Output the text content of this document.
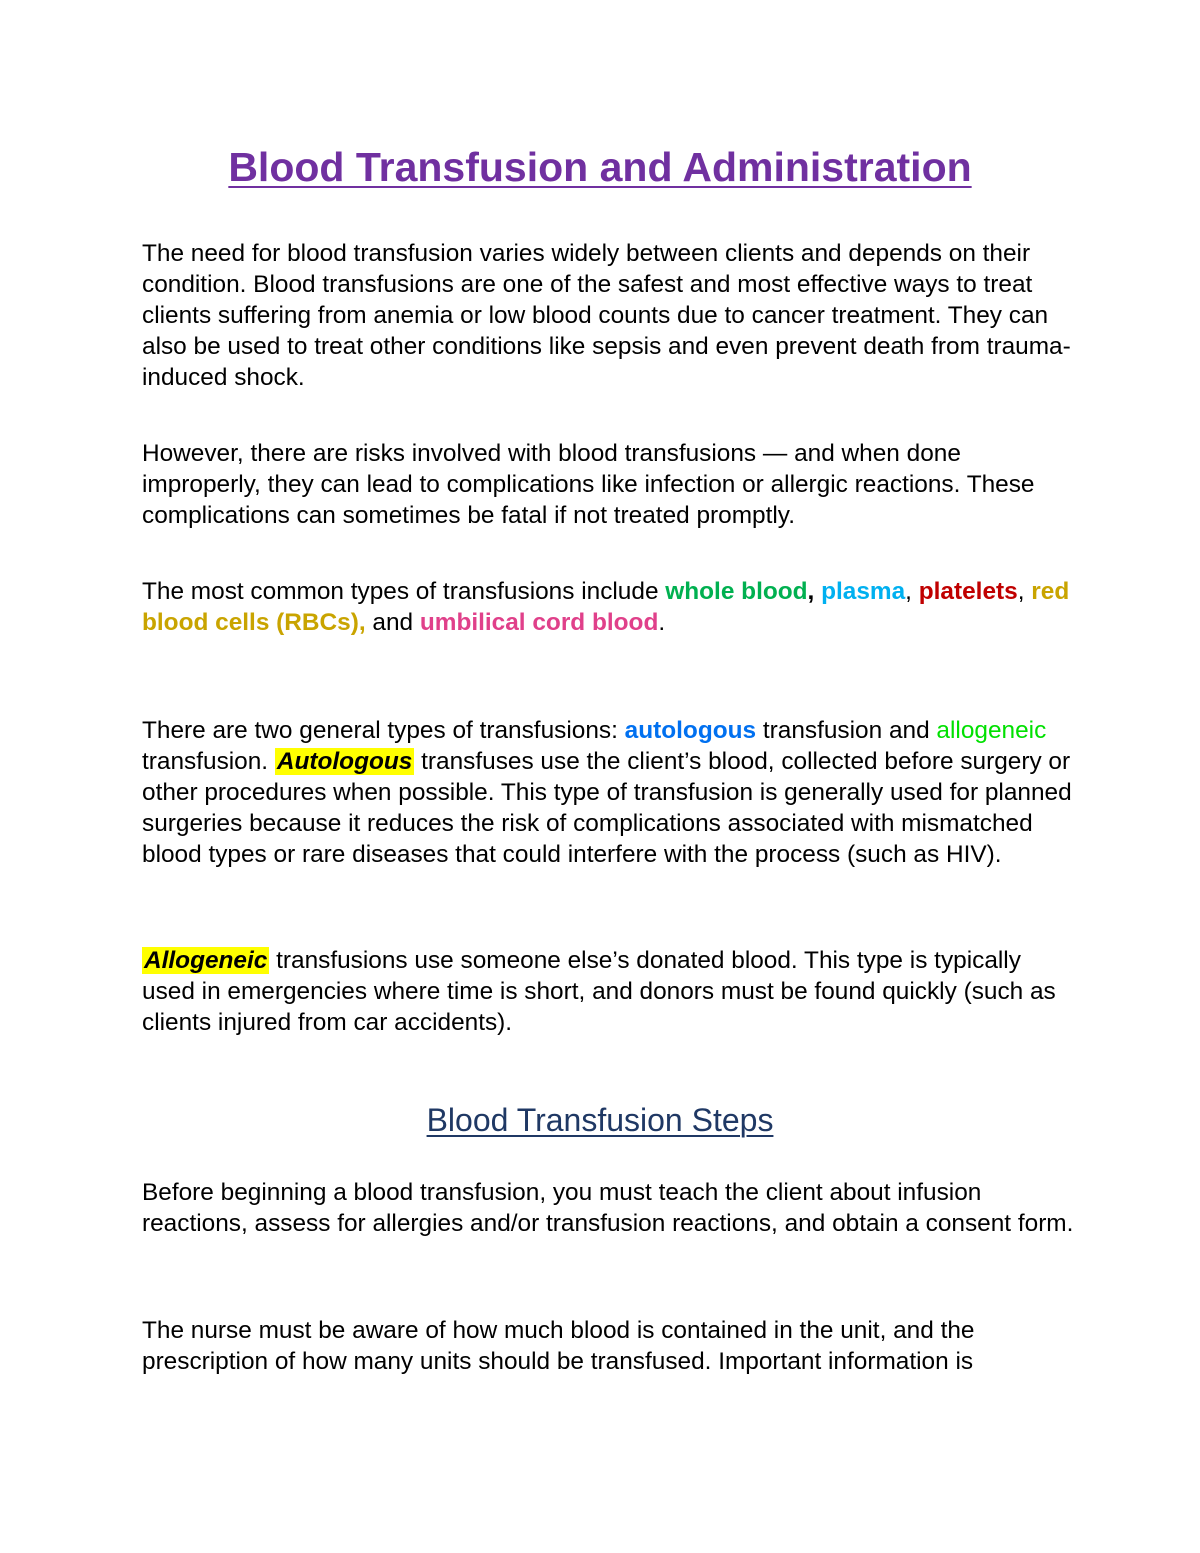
Blood Transfusion and Administration

The need for blood transfusion varies widely between clients and depends on their condition. Blood transfusions are one of the safest and most effective ways to treat clients suffering from anemia or low blood counts due to cancer treatment. They can also be used to treat other conditions like sepsis and even prevent death from trauma-induced shock.

However, there are risks involved with blood transfusions — and when done improperly, they can lead to complications like infection or allergic reactions. These complications can sometimes be fatal if not treated promptly.

The most common types of transfusions include whole blood, plasma, platelets, red blood cells (RBCs), and umbilical cord blood.

There are two general types of transfusions: autologous transfusion and allogeneic transfusion. Autologous transfuses use the client’s blood, collected before surgery or other procedures when possible. This type of transfusion is generally used for planned surgeries because it reduces the risk of complications associated with mismatched blood types or rare diseases that could interfere with the process (such as HIV).

Allogeneic transfusions use someone else’s donated blood. This type is typically used in emergencies where time is short, and donors must be found quickly (such as clients injured from car accidents).

Blood Transfusion Steps

Before beginning a blood transfusion, you must teach the client about infusion reactions, assess for allergies and/or transfusion reactions, and obtain a consent form.

The nurse must be aware of how much blood is contained in the unit, and the prescription of how many units should be transfused. Important information is
